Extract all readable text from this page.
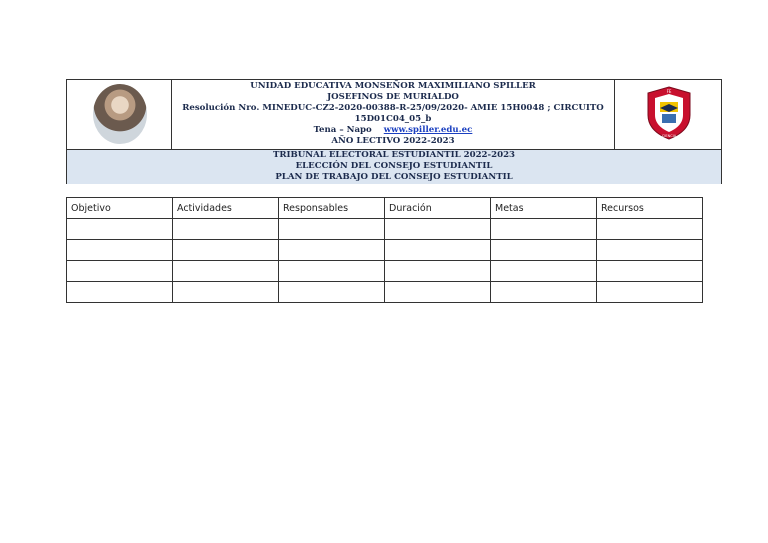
UNIDAD EDUCATIVA MONSEÑOR MAXIMILIANO SPILLER
JOSEFINOS DE MURIALDO
Resolución Nro. MINEDUC-CZ2-2020-00388-R-25/09/2020- AMIE 15H0048 ; CIRCUITO
15D01C04_05_b
Tena – Napo www.spiller.edu.ec
AÑO LECTIVO 2022-2023
FE
CIENCIA
TRIBUNAL ELECTORAL ESTUDIANTIL 2022-2023
ELECCIÓN DEL CONSEJO ESTUDIANTIL
PLAN DE TRABAJO DEL CONSEJO ESTUDIANTIL
Objetivo	Actividades	Responsables	Duración	Metas	Recursos
